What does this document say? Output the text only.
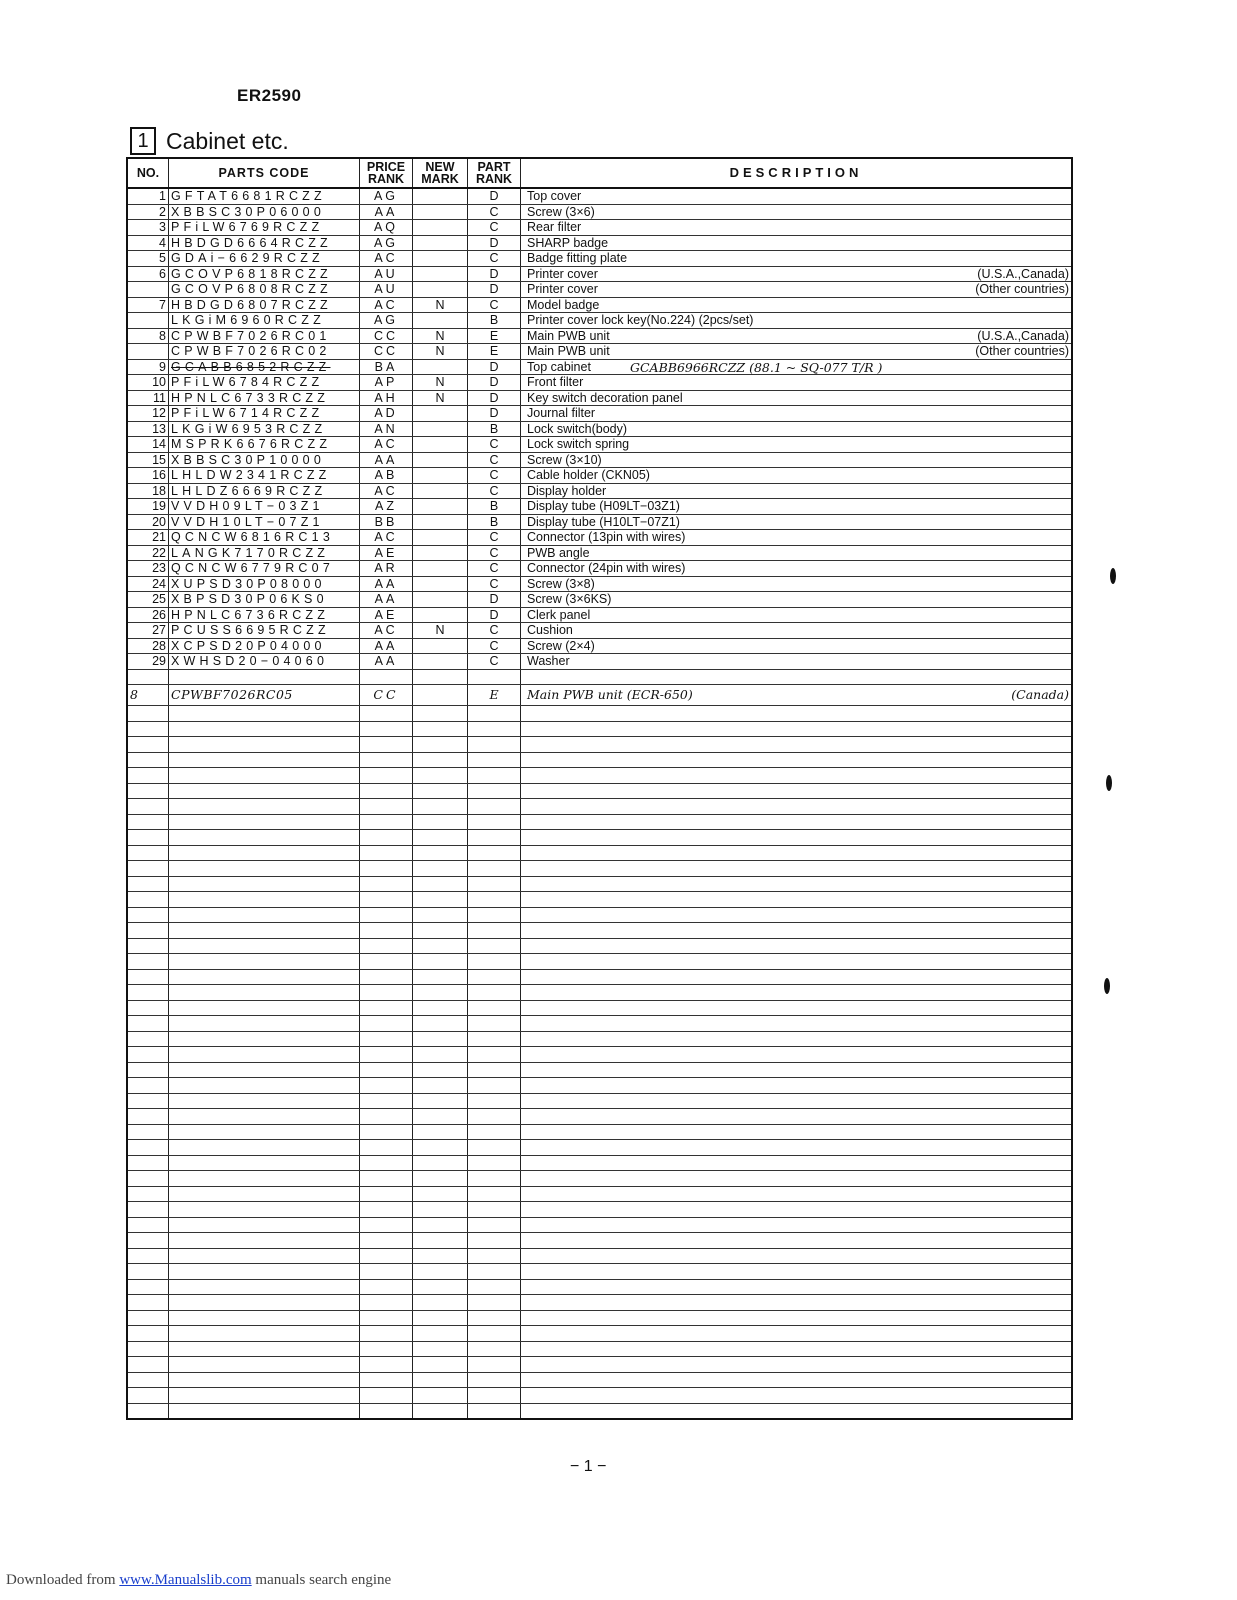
ER2590
1 Cabinet etc.
NO.	PARTS CODE	PRICE RANK	NEW MARK	PART RANK	DESCRIPTION
1	GFTAT6681RCZZ	AG		D	Top cover

2	XBBSC30P06000	AA		C	Screw (3×6)

3	PFiLW6769RCZZ	AQ		C	Rear filter

4	HBDGD6664RCZZ	AG		D	SHARP badge

5	GDAi−6629RCZZ	AC		C	Badge fitting plate

6	GCOVP6818RCZZ	AU		D	Printer cover (U.S.A.,Canada)

	GCOVP6808RCZZ	AU		D	Printer cover (Other countries)

7	HBDGD6807RCZZ	AC	N	C	Model badge

	LKGiM6960RCZZ	AG		B	Printer cover lock key(No.224) (2pcs/set)

8	CPWBF7026RC01	CC	N	E	Main PWB unit (U.S.A.,Canada)

	CPWBF7026RC02	CC	N	E	Main PWB unit (Other countries)

9	GCABB6852RCZZ	BA		D	Top cabinet

10	PFiLW6784RCZZ	AP	N	D	Front filter

11	HPNLC6733RCZZ	AH	N	D	Key switch decoration panel

12	PFiLW6714RCZZ	AD		D	Journal filter

13	LKGiW6953RCZZ	AN		B	Lock switch(body)

14	MSPRK6676RCZZ	AC		C	Lock switch spring

15	XBBSC30P10000	AA		C	Screw (3×10)

16	LHLDW2341RCZZ	AB		C	Cable holder (CKN05)

18	LHLDZ6669RCZZ	AC		C	Display holder

19	VVDH09LT−03Z1	AZ		B	Display tube (H09LT−03Z1)

20	VVDH10LT−07Z1	BB		B	Display tube (H10LT−07Z1)

21	QCNCW6816RC13	AC		C	Connector (13pin with wires)

22	LANGK7170RCZZ	AE		C	PWB angle

23	QCNCW6779RC07	AR		C	Connector (24pin with wires)

24	XUPSD30P08000	AA		C	Screw (3×8)

25	XBPSD30P06KS0	AA		D	Screw (3×6KS)

26	HPNLC6736RCZZ	AE		D	Clerk panel

27	PCUSS6695RCZZ	AC	N	C	Cushion

28	XCPSD20P04000	AA		C	Screw (2×4)

29	XWHSD20−04060	AA		C	Washer

8	CPWBF7026RC05	CC		E	Main PWB unit (ECR-650) (Canada)

GCABB6966RCZZ (88.1 ~ SQ-077 T/R )
− 1 −
Downloaded from www.Manualslib.com manuals search engine
